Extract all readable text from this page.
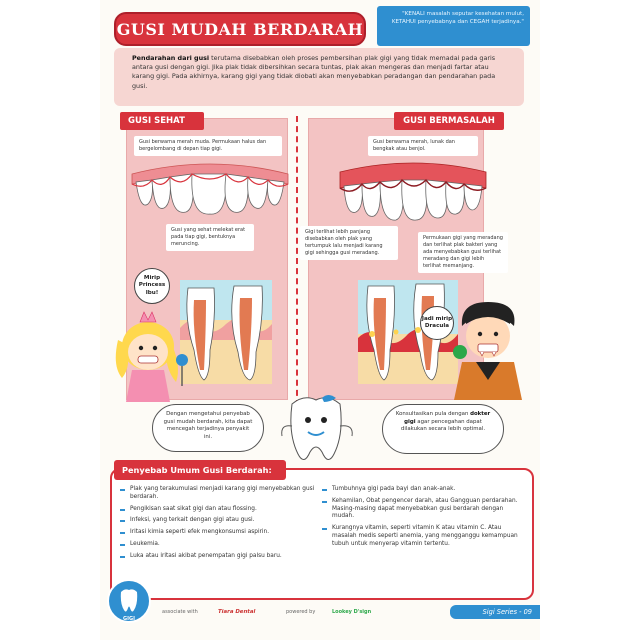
GUSI MUDAH BERDARAH

"KENALI masalah seputar kesehatan mulut, KETAHUI penyebabnya dan CEGAH terjadinya."

Pendarahan dari gusi terutama disebabkan oleh proses pembersihan plak gigi yang tidak memadai pada garis antara gusi dengan gigi. Jika plak tidak dibersihkan secara tuntas, plak akan mengeras dan menjadi fartar atau karang gigi. Pada akhirnya, karang gigi yang tidak diobati akan menyebabkan peradangan dan pendarahan pada gusi.

GUSI SEHAT	GUSI BERMASALAH
Gusi berwarna merah muda. Permukaan halus dan bergelombang di depan tiap gigi.
Gusi yang sehat melekat erat pada tiap gigi, bentuknya meruncing.
Gusi berwarna merah, lunak dan bengkak atau benjol.
Gigi terlihat lebih panjang disebabkan oleh plak yang tertumpuk lalu menjadi karang gigi sehingga gusi meradang.
Permukaan gigi yang meradang dan terlihat plak bakteri yang ada menyebabkan gusi terlihat meradang dan gigi lebih terlihat memanjang.
Mirip Princess Ibu!
Jadi mirip Dracula
Dengan mengetahui penyebab gusi mudah berdarah, kita dapat mencegah terjadinya penyakit ini.
Konsultasikan pula dengan dokter gigi agar pencegahan dapat dilakukan secara lebih optimal.
Penyebab Umum Gusi Berdarah:
Plak yang terakumulasi menjadi karang gigi menyebabkan gusi berdarah.
Pengikisan saat sikat gigi dan atau flossing.
Infeksi, yang terkait dengan gigi atau gusi.
Iritasi kimia seperti efek mengkonsumsi aspirin.
Leukemia.
Luka atau iritasi akibat penempatan gigi palsu baru.
Tumbuhnya gigi pada bayi dan anak-anak.
Kehamilan, Obat pengencer darah, atau Gangguan perdarahan. Masing-masing dapat menyebabkan gusi berdarah dengan mudah.
Kurangnya vitamin, seperti vitamin K atau vitamin C. Atau masalah medis seperti anemia, yang mengganggu kemampuan tubuh untuk menyerap vitamin tertentu.
GIGI
associate with	Tiara Dental	powered by	Lookey D'sign	Sigi Series - 09
